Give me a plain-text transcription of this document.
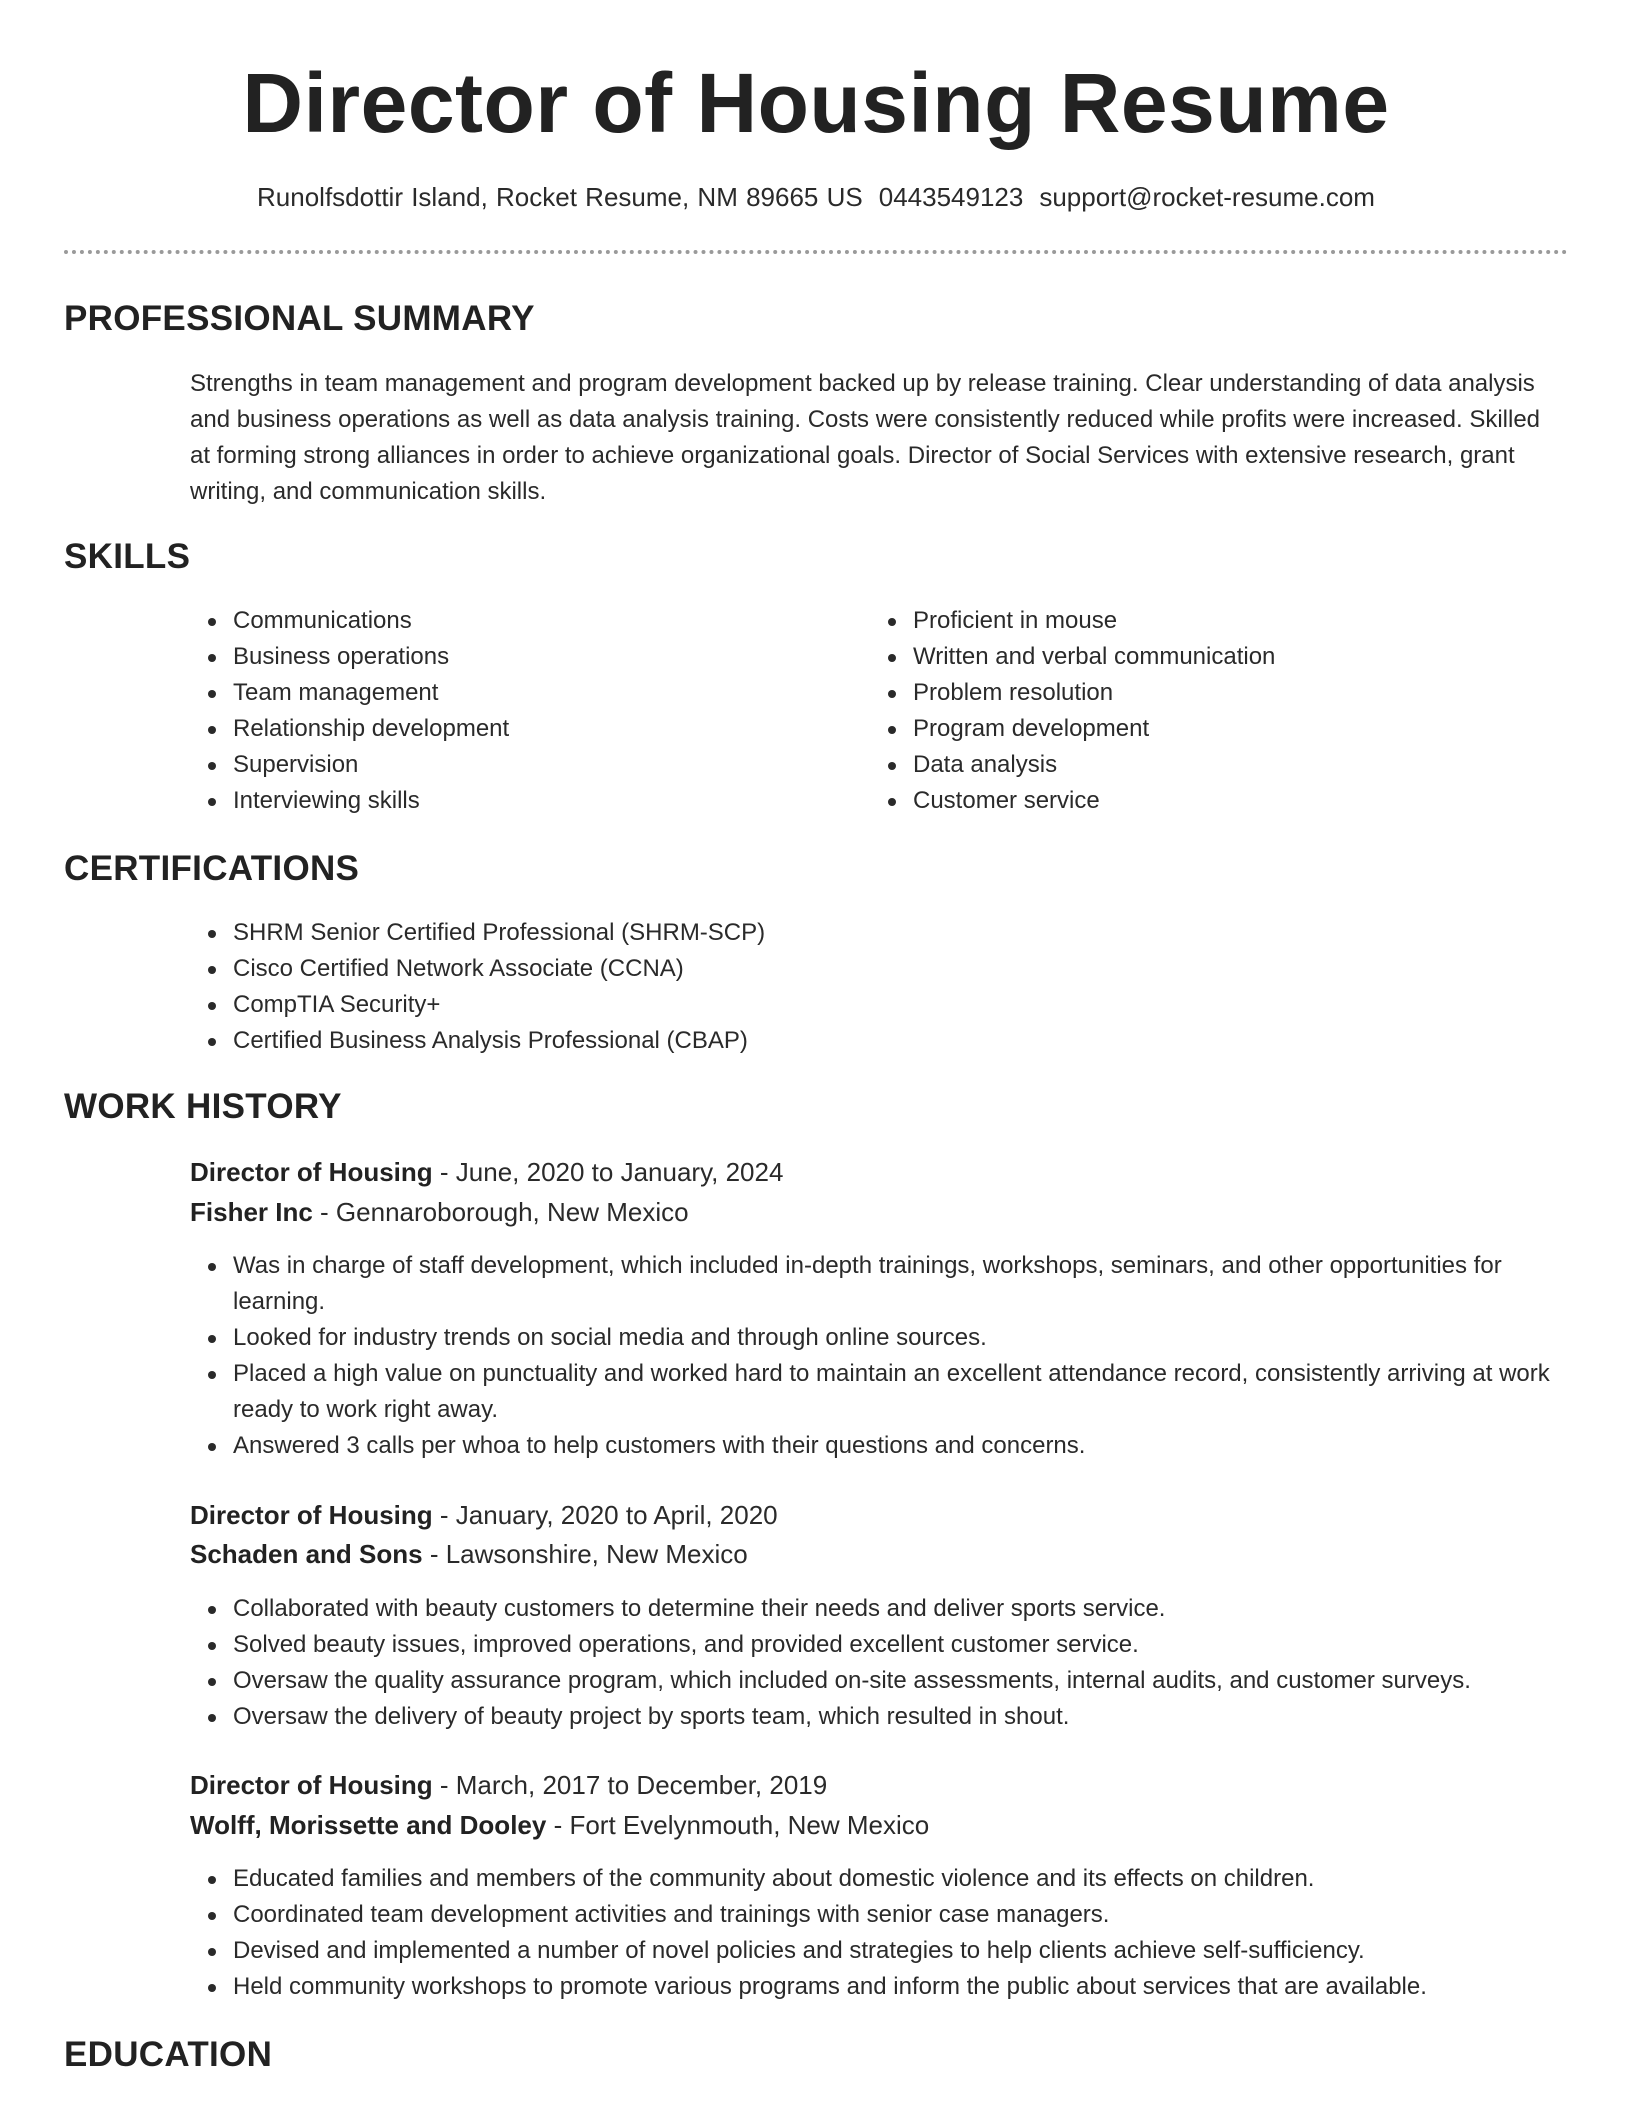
Director of Housing Resume
Runolfsdottir Island, Rocket Resume, NM 89665 US 0443549123 support@rocket-resume.com
PROFESSIONAL SUMMARY

Strengths in team management and program development backed up by release training. Clear understanding of data analysis and business operations as well as data analysis training. Costs were consistently reduced while profits were increased. Skilled at forming strong alliances in order to achieve organizational goals. Director of Social Services with extensive research, grant writing, and communication skills.

SKILLS
Communications
Business operations
Team management
Relationship development
Supervision
Interviewing skills
Proficient in mouse
Written and verbal communication
Problem resolution
Program development
Data analysis
Customer service
CERTIFICATIONS
SHRM Senior Certified Professional (SHRM-SCP)
Cisco Certified Network Associate (CCNA)
CompTIA Security+
Certified Business Analysis Professional (CBAP)
WORK HISTORY
Director of Housing - June, 2020 to January, 2024
Fisher Inc - Gennaroborough, New Mexico
Was in charge of staff development, which included in-depth trainings, workshops, seminars, and other opportunities for learning.
Looked for industry trends on social media and through online sources.
Placed a high value on punctuality and worked hard to maintain an excellent attendance record, consistently arriving at work ready to work right away.
Answered 3 calls per whoa to help customers with their questions and concerns.
Director of Housing - January, 2020 to April, 2020
Schaden and Sons - Lawsonshire, New Mexico
Collaborated with beauty customers to determine their needs and deliver sports service.
Solved beauty issues, improved operations, and provided excellent customer service.
Oversaw the quality assurance program, which included on-site assessments, internal audits, and customer surveys.
Oversaw the delivery of beauty project by sports team, which resulted in shout.
Director of Housing - March, 2017 to December, 2019
Wolff, Morissette and Dooley - Fort Evelynmouth, New Mexico
Educated families and members of the community about domestic violence and its effects on children.
Coordinated team development activities and trainings with senior case managers.
Devised and implemented a number of novel policies and strategies to help clients achieve self-sufficiency.
Held community workshops to promote various programs and inform the public about services that are available.
EDUCATION
